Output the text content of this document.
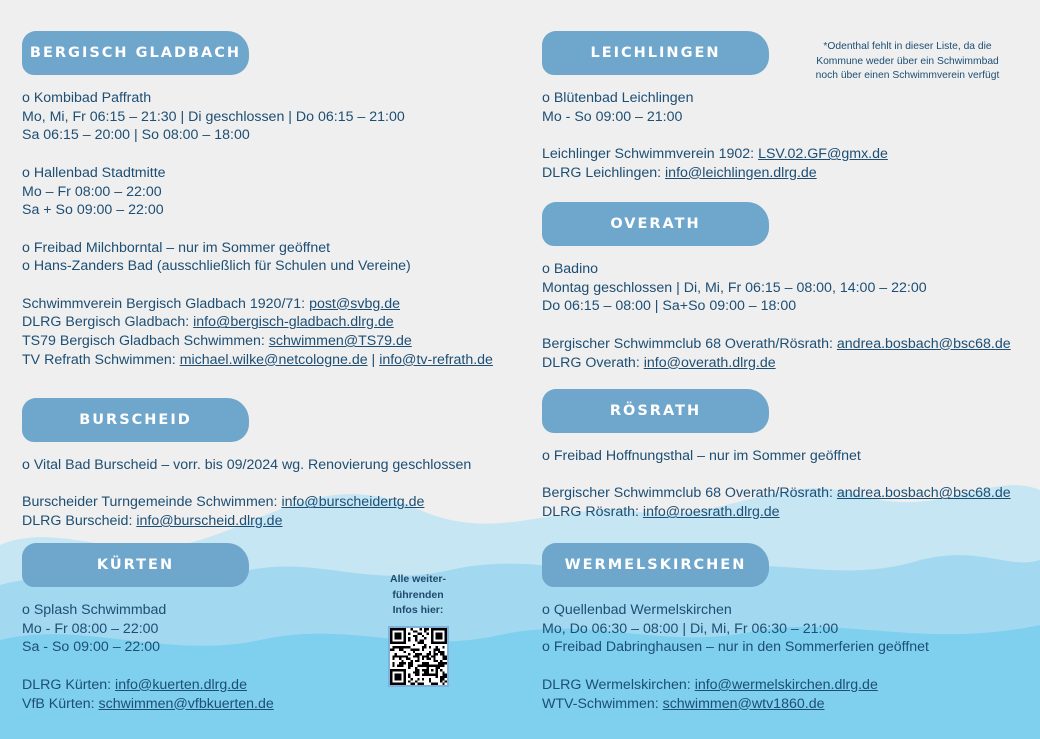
*Odenthal fehlt in dieser Liste, da die
Kommune weder über ein Schwimmbad
noch über einen Schwimmverein verfügt
BERGISCH GLADBACH
o Kombibad Paffrath
Mo, Mi, Fr 06:15 – 21:30 | Di geschlossen | Do 06:15 – 21:00
Sa 06:15 – 20:00 | So 08:00 – 18:00
o Hallenbad Stadtmitte
Mo – Fr 08:00 – 22:00
Sa + So 09:00 – 22:00
o Freibad Milchborntal – nur im Sommer geöffnet
o Hans-Zanders Bad (ausschließlich für Schulen und Vereine)
Schwimmverein Bergisch Gladbach 1920/71: post@svbg.de
DLRG Bergisch Gladbach: info@bergisch-gladbach.dlrg.de
TS79 Bergisch Gladbach Schwimmen: schwimmen@TS79.de
TV Refrath Schwimmen: michael.wilke@netcologne.de | info@tv-refrath.de
BURSCHEID
o Vital Bad Burscheid – vorr. bis 09/2024 wg. Renovierung geschlossen
Burscheider Turngemeinde Schwimmen: info@burscheidertg.de
DLRG Burscheid: info@burscheid.dlrg.de
KÜRTEN
o Splash Schwimmbad
Mo - Fr 08:00 – 22:00
Sa - So 09:00 – 22:00
DLRG Kürten: info@kuerten.dlrg.de
VfB Kürten: schwimmen@vfbkuerten.de
LEICHLINGEN
o Blütenbad Leichlingen
Mo - So 09:00 – 21:00
Leichlinger Schwimmverein 1902: LSV.02.GF@gmx.de
DLRG Leichlingen: info@leichlingen.dlrg.de
OVERATH
o Badino
Montag geschlossen | Di, Mi, Fr 06:15 – 08:00, 14:00 – 22:00
Do 06:15 – 08:00 | Sa+So 09:00 – 18:00
Bergischer Schwimmclub 68 Overath/Rösrath: andrea.bosbach@bsc68.de
DLRG Overath: info@overath.dlrg.de
RÖSRATH
o Freibad Hoffnungsthal – nur im Sommer geöffnet
Bergischer Schwimmclub 68 Overath/Rösrath: andrea.bosbach@bsc68.de
DLRG Rösrath: info@roesrath.dlrg.de
WERMELSKIRCHEN
o Quellenbad Wermelskirchen
Mo, Do 06:30 – 08:00 | Di, Mi, Fr 06:30 – 21:00
o Freibad Dabringhausen – nur in den Sommerferien geöffnet
DLRG Wermelskirchen: info@wermelskirchen.dlrg.de
WTV-Schwimmen: schwimmen@wtv1860.de
Alle weiter-
führenden
Infos hier:
